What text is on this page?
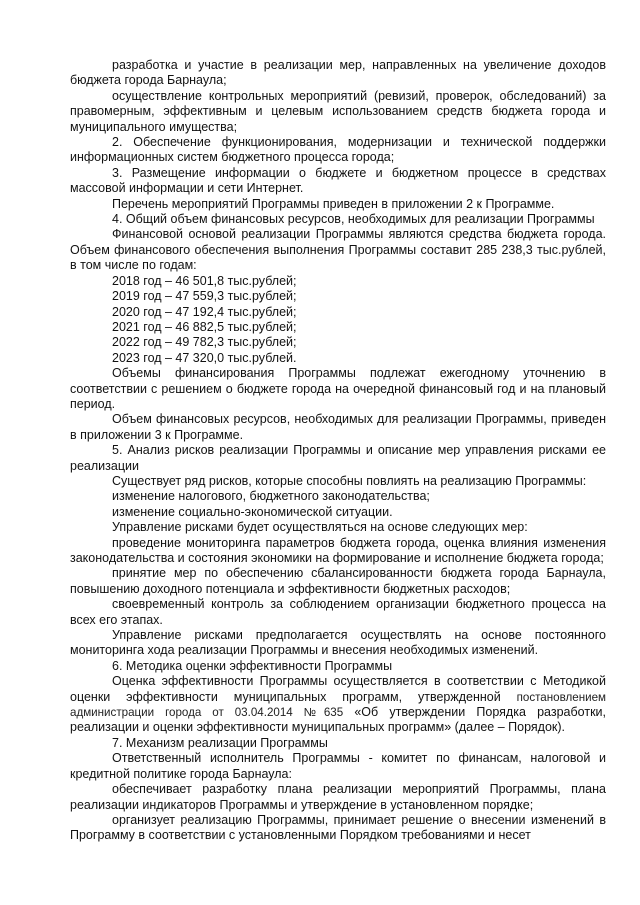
разработка и участие в реализации мер, направленных на увеличение доходов бюджета города Барнаула;

осуществление контрольных мероприятий (ревизий, проверок, обследований) за правомерным, эффективным и целевым использованием средств бюджета города и муниципального имущества;

2. Обеспечение функционирования, модернизации и технической поддержки информационных систем бюджетного процесса города;

3. Размещение информации о бюджете и бюджетном процессе в средствах массовой информации и сети Интернет.

Перечень мероприятий Программы приведен в приложении 2 к Программе.

4. Общий объем финансовых ресурсов, необходимых для реализации Программы

Финансовой основой реализации Программы являются средства бюджета города. Объем финансового обеспечения выполнения Программы составит 285 238,3 тыс.рублей, в том числе по годам:

2018 год – 46 501,8 тыс.рублей;

2019 год – 47 559,3 тыс.рублей;

2020 год – 47 192,4 тыс.рублей;

2021 год – 46 882,5 тыс.рублей;

2022 год – 49 782,3 тыс.рублей;

2023 год – 47 320,0 тыс.рублей.

Объемы финансирования Программы подлежат ежегодному уточнению в соответствии с решением о бюджете города на очередной финансовый год и на плановый период.

Объем финансовых ресурсов, необходимых для реализации Программы, приведен в приложении 3 к Программе.

5. Анализ рисков реализации Программы и описание мер управления рисками ее реализации

Существует ряд рисков, которые способны повлиять на реализацию Программы:

изменение налогового, бюджетного законодательства;

изменение социально-экономической ситуации.

Управление рисками будет осуществляться на основе следующих мер:

проведение мониторинга параметров бюджета города, оценка влияния изменения законодательства и состояния экономики на формирование и исполнение бюджета города;

принятие мер по обеспечению сбалансированности бюджета города Барнаула, повышению доходного потенциала и эффективности бюджетных расходов;

своевременный контроль за соблюдением организации бюджетного процесса на всех его этапах.

Управление рисками предполагается осуществлять на основе постоянного мониторинга хода реализации Программы и внесения необходимых изменений.

6. Методика оценки эффективности Программы

Оценка эффективности Программы осуществляется в соответствии с Методикой оценки эффективности муниципальных программ, утвержденной постановлением администрации города от 03.04.2014 №635 «Об утверждении Порядка разработки, реализации и оценки эффективности муниципальных программ» (далее – Порядок).

7. Механизм реализации Программы

Ответственный исполнитель Программы - комитет по финансам, налоговой и кредитной политике города Барнаула:

обеспечивает разработку плана реализации мероприятий Программы, плана реализации индикаторов Программы и утверждение в установленном порядке;

организует реализацию Программы, принимает решение о внесении изменений в Программу в соответствии с установленными Порядком требованиями и несет
